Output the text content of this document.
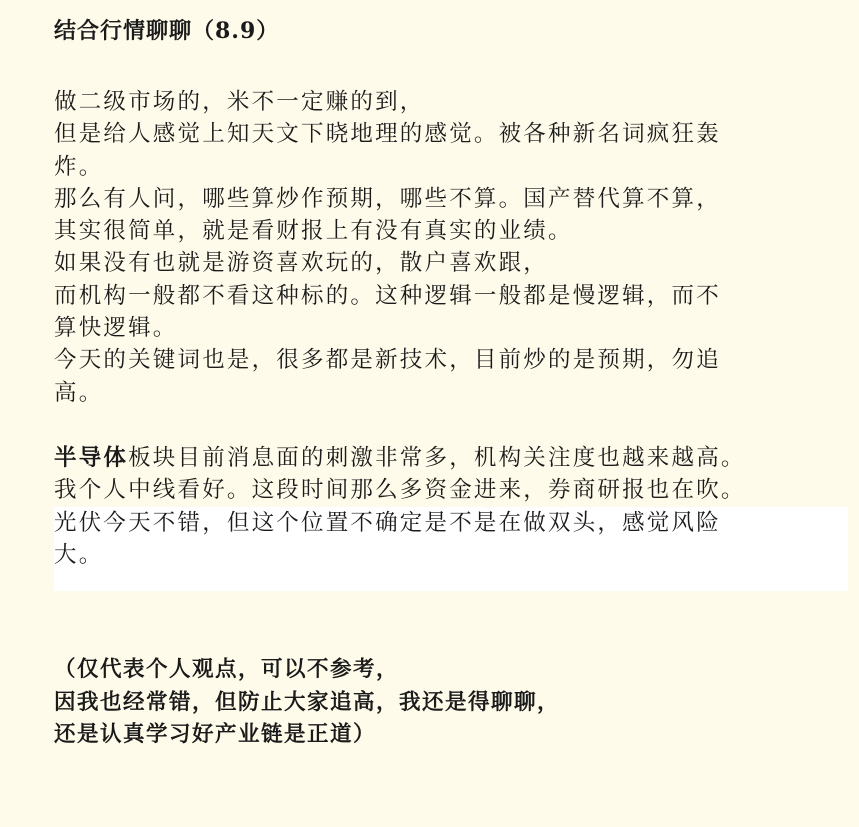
结合行情聊聊（8.9）

做二级市场的，米不一定赚的到，
但是给人感觉上知天文下晓地理的感觉。被各种新名词疯狂轰
炸。
那么有人问，哪些算炒作预期，哪些不算。国产替代算不算，
其实很简单，就是看财报上有没有真实的业绩。
如果没有也就是游资喜欢玩的，散户喜欢跟，
而机构一般都不看这种标的。这种逻辑一般都是慢逻辑，而不
算快逻辑。
今天的关键词也是，很多都是新技术，目前炒的是预期，勿追
高。

半导体板块目前消息面的刺激非常多，机构关注度也越来越高。
我个人中线看好。这段时间那么多资金进来，券商研报也在吹。
光伏今天不错，但这个位置不确定是不是在做双头，感觉风险
大。

（仅代表个人观点，可以不参考，
因我也经常错，但防止大家追高，我还是得聊聊，
还是认真学习好产业链是正道）
